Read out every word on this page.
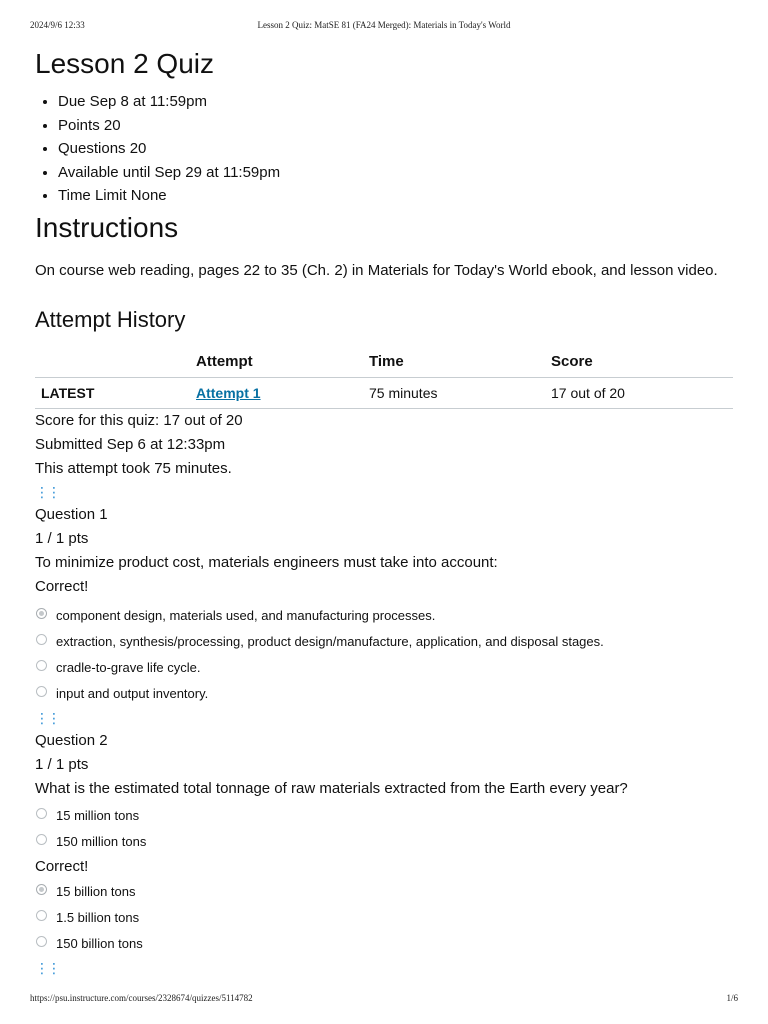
2024/9/6 12:33	Lesson 2 Quiz: MatSE 81 (FA24 Merged): Materials in Today's World
Lesson 2 Quiz
• Due Sep 8 at 11:59pm
• Points 20
• Questions 20
• Available until Sep 29 at 11:59pm
• Time Limit None
Instructions
On course web reading, pages 22 to 35 (Ch. 2) in Materials for Today's World ebook, and lesson video.
Attempt History
	Attempt	Time	Score
LATEST	Attempt 1	75 minutes	17 out of 20
Score for this quiz: 17 out of 20
Submitted Sep 6 at 12:33pm
This attempt took 75 minutes.
⋮⋮
Question 1
1 / 1 pts
To minimize product cost, materials engineers must take into account:
Correct!
component design, materials used, and manufacturing processes.
extraction, synthesis/processing, product design/manufacture, application, and disposal stages.
cradle-to-grave life cycle.
input and output inventory.
⋮⋮
Question 2
1 / 1 pts
What is the estimated total tonnage of raw materials extracted from the Earth every year?
15 million tons
150 million tons
Correct!
15 billion tons
1.5 billion tons
150 billion tons
⋮⋮
https://psu.instructure.com/courses/2328674/quizzes/5114782	1/6
